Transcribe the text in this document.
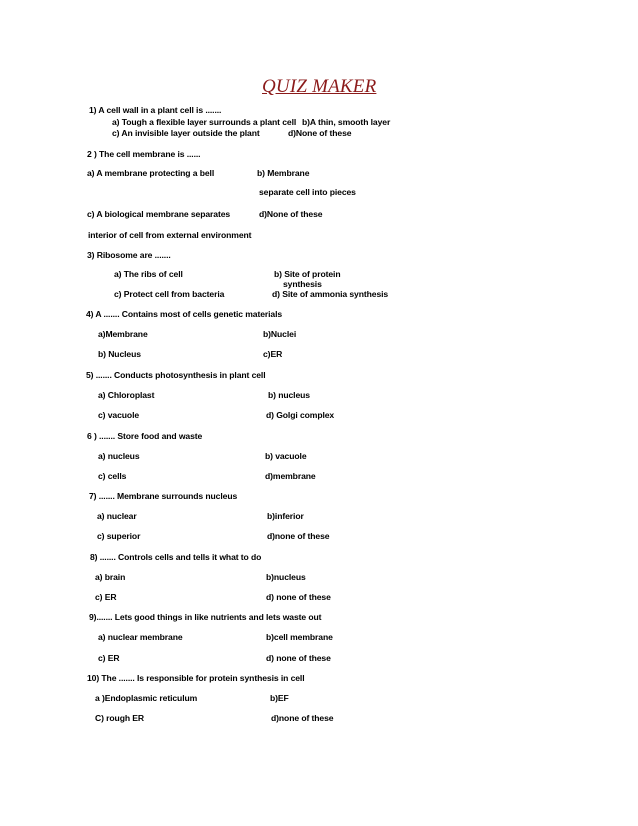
QUIZ MAKER
1) A cell wall in a plant cell is .......
a) Tough a flexible layer surrounds a plant cell b)A thin, smooth layer
c) An invisible layer outside the plant	d)None of these
2 ) The cell membrane is ......
a) A membrane protecting a bell	b) Membrane
separate cell into pieces
c) A biological membrane separates	d)None of these
interior of cell from external environment
3) Ribosome are .......
a) The ribs of cell	b) Site of protein
synthesis
c) Protect cell from bacteria	d) Site of ammonia synthesis
4) A ....... Contains most of cells genetic materials
a)Membrane	b)Nuclei
b) Nucleus	c)ER
5) ....... Conducts photosynthesis in plant cell
a) Chloroplast	b) nucleus
c) vacuole	d) Golgi complex
6 ) ....... Store food and waste
a) nucleus	b) vacuole
c) cells	d)membrane
7) ....... Membrane surrounds nucleus
a) nuclear	b)inferior
c) superior	d)none of these
8) ....... Controls cells and tells it what to do
a) brain	b)nucleus
c) ER	d) none of these
9)....... Lets good things in like nutrients and lets waste out
a) nuclear membrane	b)cell membrane
c) ER	d) none of these
10) The ....... Is responsible for protein synthesis in cell
a )Endoplasmic reticulum	b)EF
C) rough ER	d)none of these
